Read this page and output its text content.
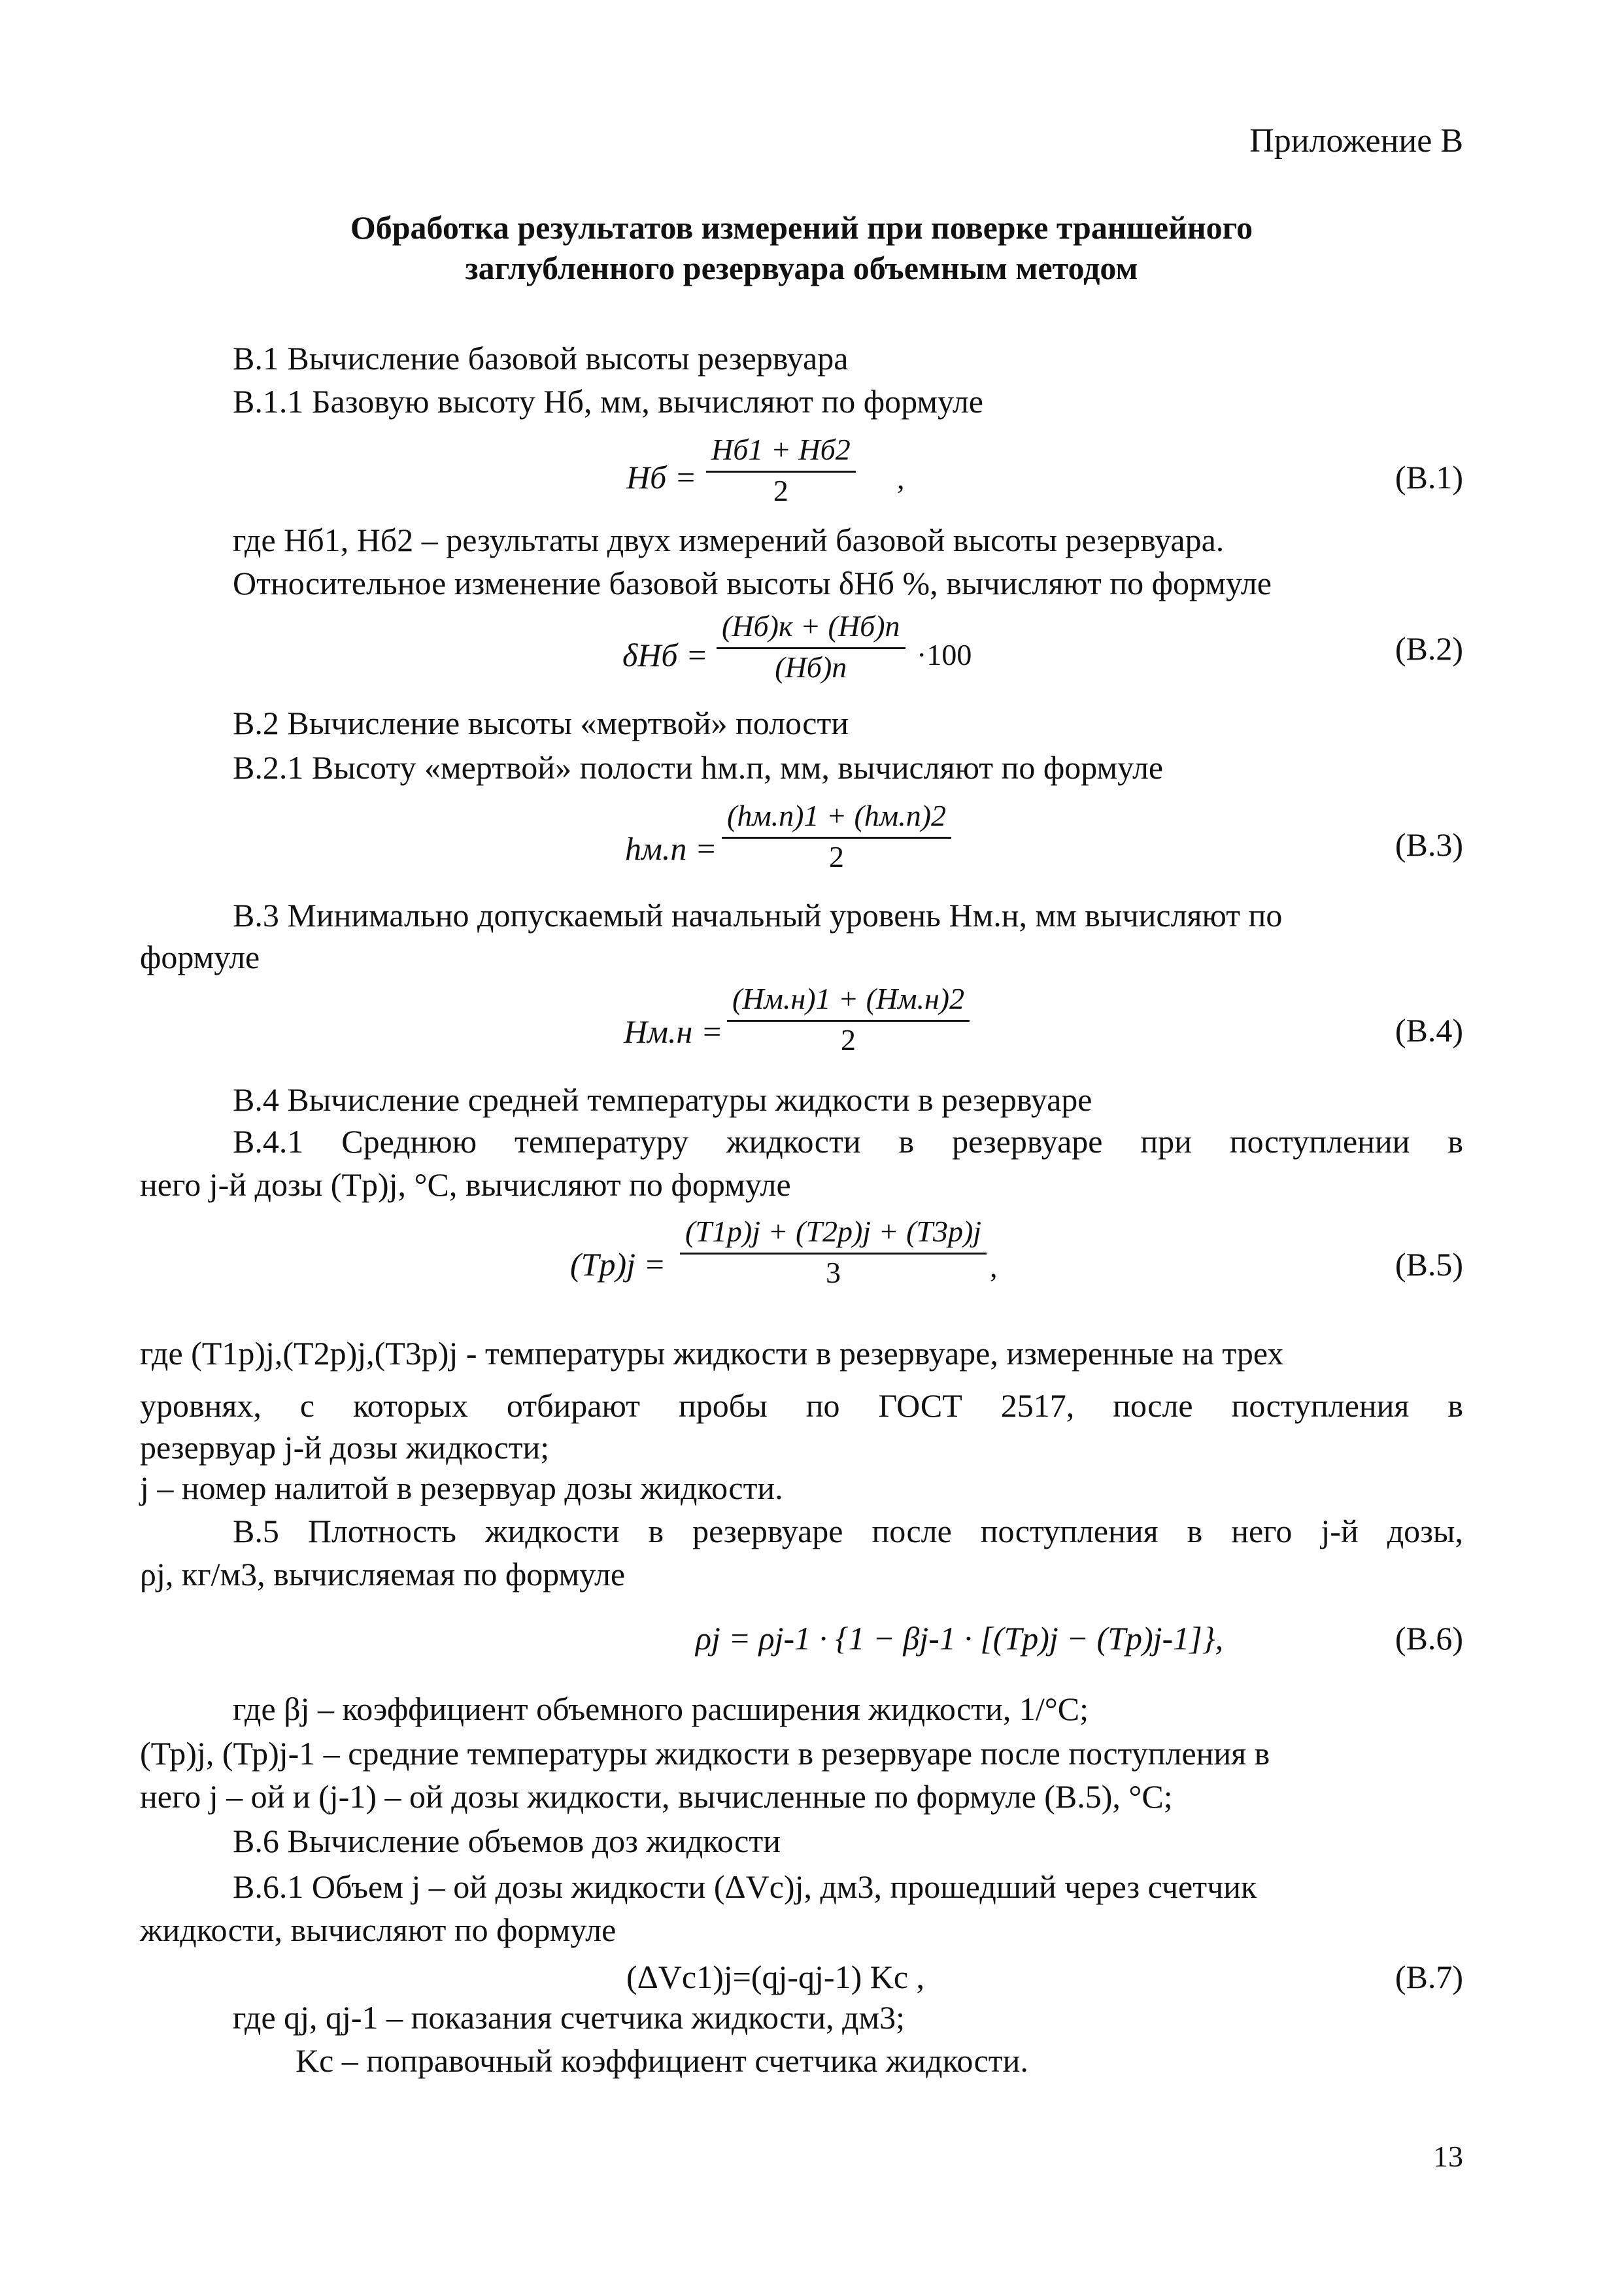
Приложение В
Обработка результатов измерений при поверке траншейного
заглубленного резервуара объемным методом
В.1 Вычисление базовой высоты резервуара
В.1.1 Базовую высоту Нб, мм, вычисляют по формуле
Hб =
Hб1 + Hб2
2	,	(В.1)
где Нб1, Нб2 – результаты двух измерений базовой высоты резервуара.
Относительное изменение базовой высоты δНб %, вычисляют по формуле
δHб =
(Hб)к + (Hб)п
(Hб)п	·100	(В.2)
В.2 Вычисление высоты «мертвой» полости
В.2.1 Высоту «мертвой» полости hм.п, мм, вычисляют по формуле
hм.п =
(hм.п)1 + (hм.п)2
2	(В.3)
В.3 Минимально допускаемый начальный уровень Нм.н, мм вычисляют по
формуле
Hм.н =
(Hм.н)1 + (Hм.н)2
2	(В.4)
В.4 Вычисление средней температуры жидкости в резервуаре
В.4.1 Среднюю температуру жидкости в резервуаре при поступлении в
него j-й дозы (Tp)j, °С, вычисляют по формуле
$(Tp)j = \frac{(T1p)j + (T2p)j + (T3p)j}{3}$ ,	(В.5)
где (T1p)j,(T2p)j,(T3p)j - температуры жидкости в резервуаре, измеренные на трех
уровнях, с которых отбирают пробы по ГОСТ 2517, после поступления в
резервуар j-й дозы жидкости;
j – номер налитой в резервуар дозы жидкости.
В.5 Плотность жидкости в резервуаре после поступления в него j-й дозы,
ρj, кг/м3, вычисляемая по формуле
ρj = ρj-1 · {1 − βj-1 · [(Tp)j − (Tp)j-1]},	(В.6)
где βj – коэффициент объемного расширения жидкости, 1/°С;
(Тр)j, (Тр)j-1 – средние температуры жидкости в резервуаре после поступления в
него j – ой и (j-1) – ой дозы жидкости, вычисленные по формуле (В.5), °С;
В.6 Вычисление объемов доз жидкости
В.6.1 Объем j – ой дозы жидкости (ΔVс)j, дм3, прошедший через счетчик
жидкости, вычисляют по формуле
(ΔVс1)j=(qj-qj-1) Kc ,	(В.7)
где qj, qj-1 – показания счетчика жидкости, дм3;
Kc – поправочный коэффициент счетчика жидкости.
13
